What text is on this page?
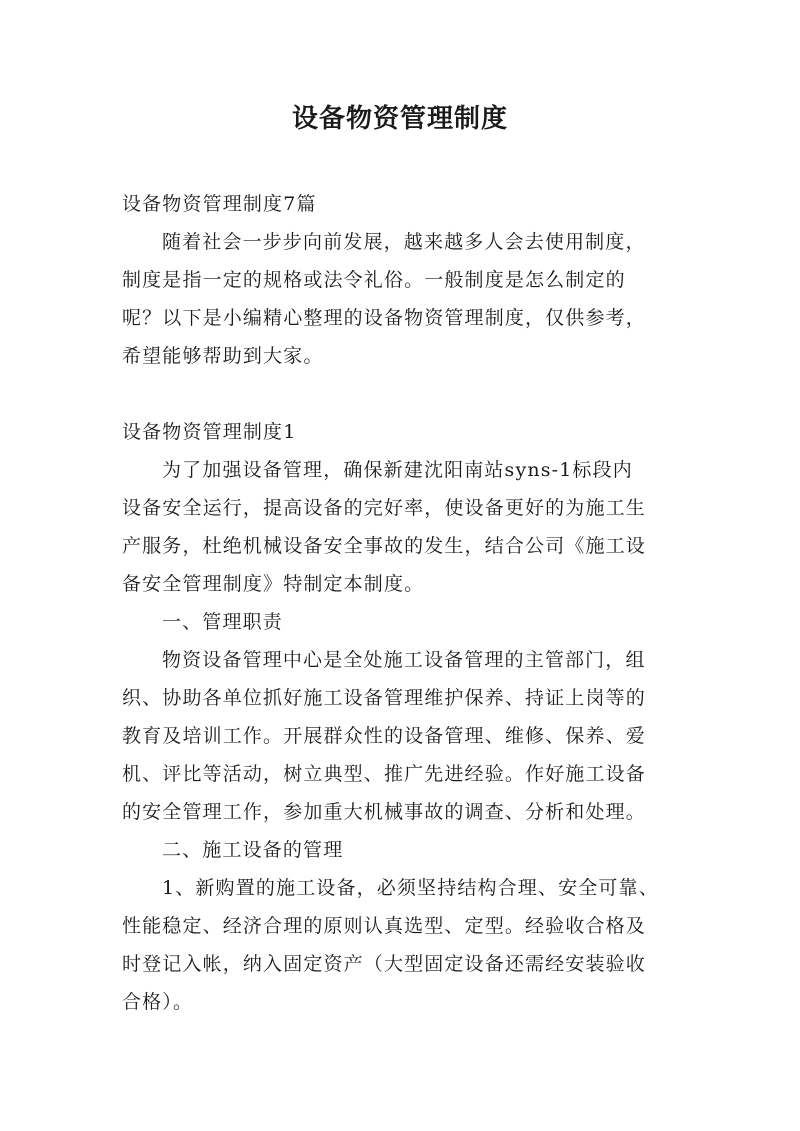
设备物资管理制度

设备物资管理制度7篇

随着社会一步步向前发展，越来越多人会去使用制度，

制度是指一定的规格或法令礼俗。一般制度是怎么制定的

呢？以下是小编精心整理的设备物资管理制度，仅供参考，

希望能够帮助到大家。

设备物资管理制度1

为了加强设备管理，确保新建沈阳南站syns-1标段内

设备安全运行，提高设备的完好率，使设备更好的为施工生

产服务，杜绝机械设备安全事故的发生，结合公司《施工设

备安全管理制度》特制定本制度。

一、管理职责

物资设备管理中心是全处施工设备管理的主管部门，组

织、协助各单位抓好施工设备管理维护保养、持证上岗等的

教育及培训工作。开展群众性的设备管理、维修、保养、爱

机、评比等活动，树立典型、推广先进经验。作好施工设备

的安全管理工作，参加重大机械事故的调查、分析和处理。

二、施工设备的管理

1、新购置的施工设备，必须坚持结构合理、安全可靠、

性能稳定、经济合理的原则认真选型、定型。经验收合格及

时登记入帐，纳入固定资产（大型固定设备还需经安装验收

合格）。
